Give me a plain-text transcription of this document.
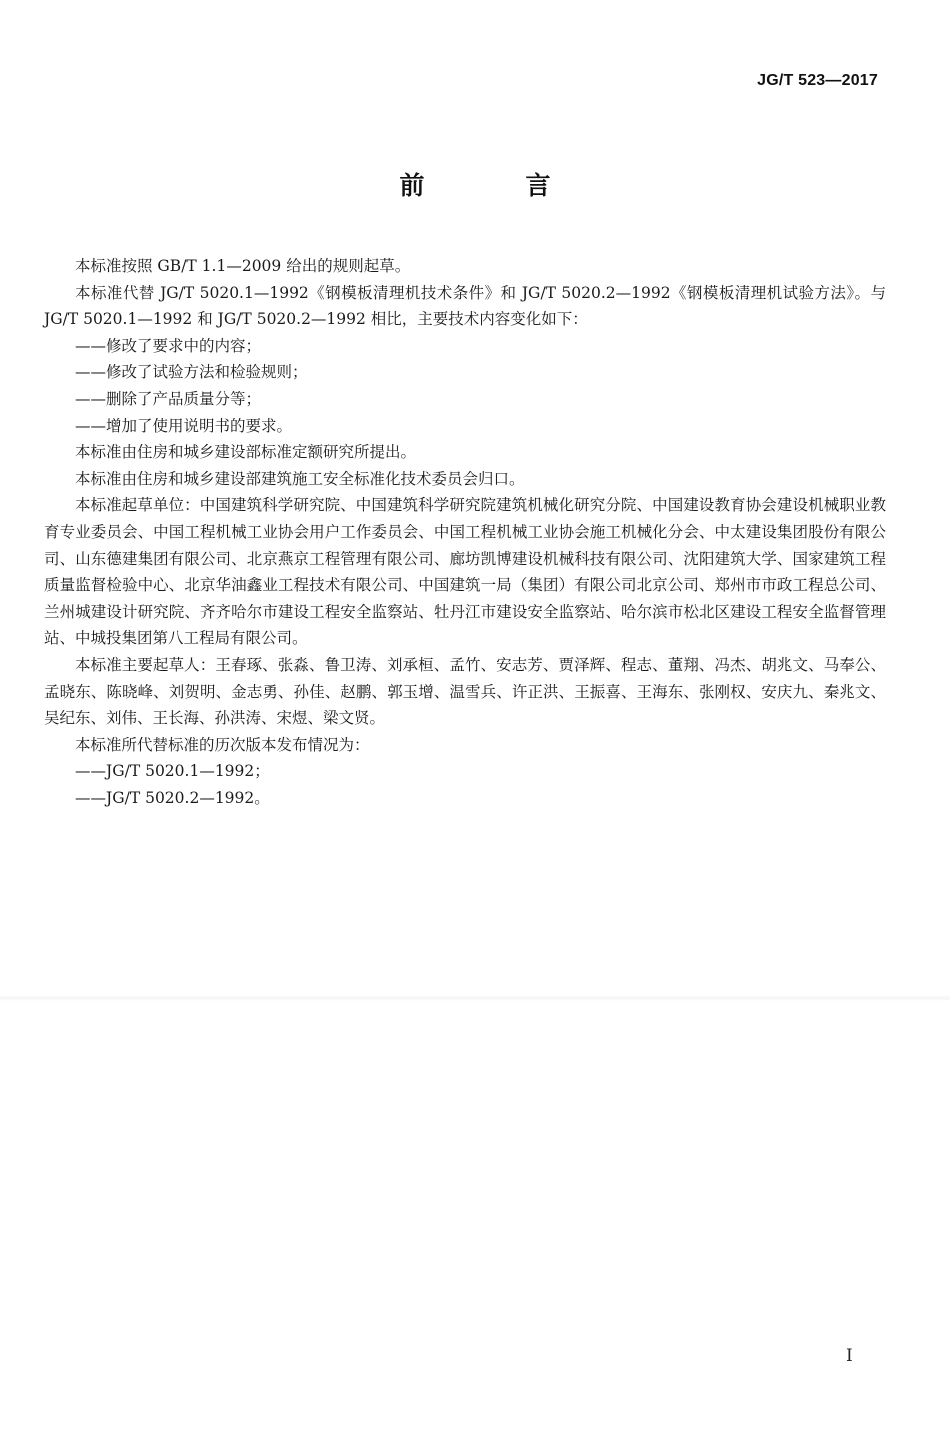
JG/T 523—2017
前　言

本标准按照 GB/T 1.1—2009 给出的规则起草。

本标准代替 JG/T 5020.1—1992《钢模板清理机技术条件》和 JG/T 5020.2—1992《钢模板清理机试验方法》。与 JG/T 5020.1—1992 和 JG/T 5020.2—1992 相比，主要技术内容变化如下：

——修改了要求中的内容；

——修改了试验方法和检验规则；

——删除了产品质量分等；

——增加了使用说明书的要求。

本标准由住房和城乡建设部标准定额研究所提出。

本标准由住房和城乡建设部建筑施工安全标准化技术委员会归口。

本标准起草单位：中国建筑科学研究院、中国建筑科学研究院建筑机械化研究分院、中国建设教育协会建设机械职业教育专业委员会、中国工程机械工业协会用户工作委员会、中国工程机械工业协会施工机械化分会、中太建设集团股份有限公司、山东德建集团有限公司、北京燕京工程管理有限公司、廊坊凯博建设机械科技有限公司、沈阳建筑大学、国家建筑工程质量监督检验中心、北京华油鑫业工程技术有限公司、中国建筑一局（集团）有限公司北京公司、郑州市市政工程总公司、兰州城建设计研究院、齐齐哈尔市建设工程安全监察站、牡丹江市建设安全监察站、哈尔滨市松北区建设工程安全监督管理站、中城投集团第八工程局有限公司。

本标准主要起草人：王春琢、张淼、鲁卫涛、刘承桓、孟竹、安志芳、贾泽辉、程志、董翔、冯杰、胡兆文、马奉公、孟晓东、陈晓峰、刘贺明、金志勇、孙佳、赵鹏、郭玉增、温雪兵、许正洪、王振喜、王海东、张刚权、安庆九、秦兆文、吴纪东、刘伟、王长海、孙洪涛、宋煜、梁文贤。

本标准所代替标准的历次版本发布情况为：

——JG/T 5020.1—1992；

——JG/T 5020.2—1992。

I
